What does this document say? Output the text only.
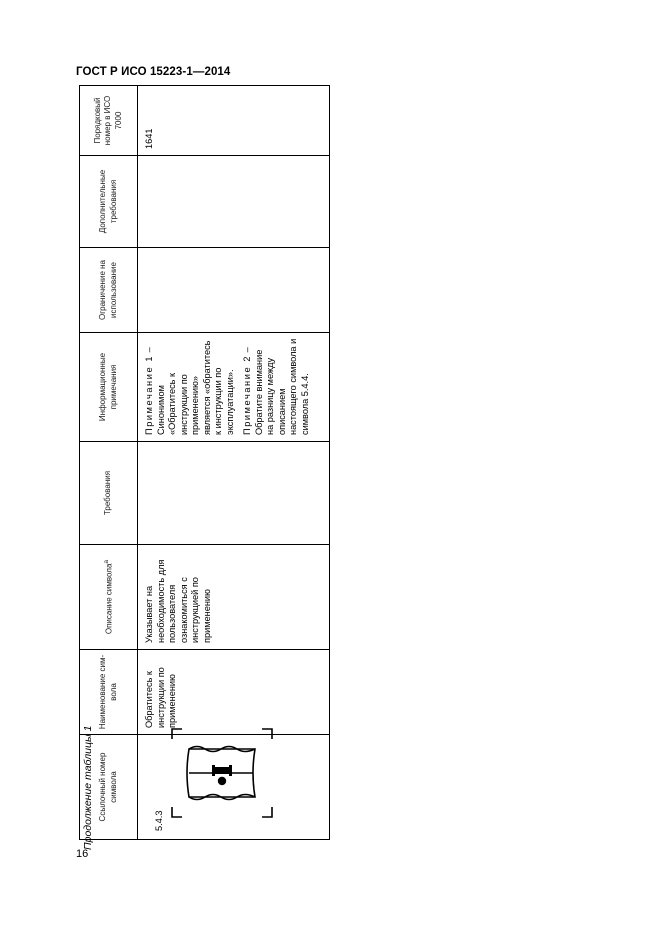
ГОСТ Р ИСО 15223-1—2014
Продолжение таблицы 1 Ссылочный номер символа	Наименование сим-вола	Описание символа$^a$	Требования	Информационные примечания	Ограничение на использование	Дополнительные требования	Порядковый номер в ИСО 7000

5.4.3	Обратитесь к инструкции по применению	Указывает на необходимость для пользователя ознакомиться с инструкцией по применению		Примечание 1 – Синонимом «Обратитесь к инструкции по применению» является «обратитесь к инструкции по эксплуатации». Примечание 2 – Обратите внимание на разницу между описанием настоящего символа и символа 5.4.4.			1641
16
